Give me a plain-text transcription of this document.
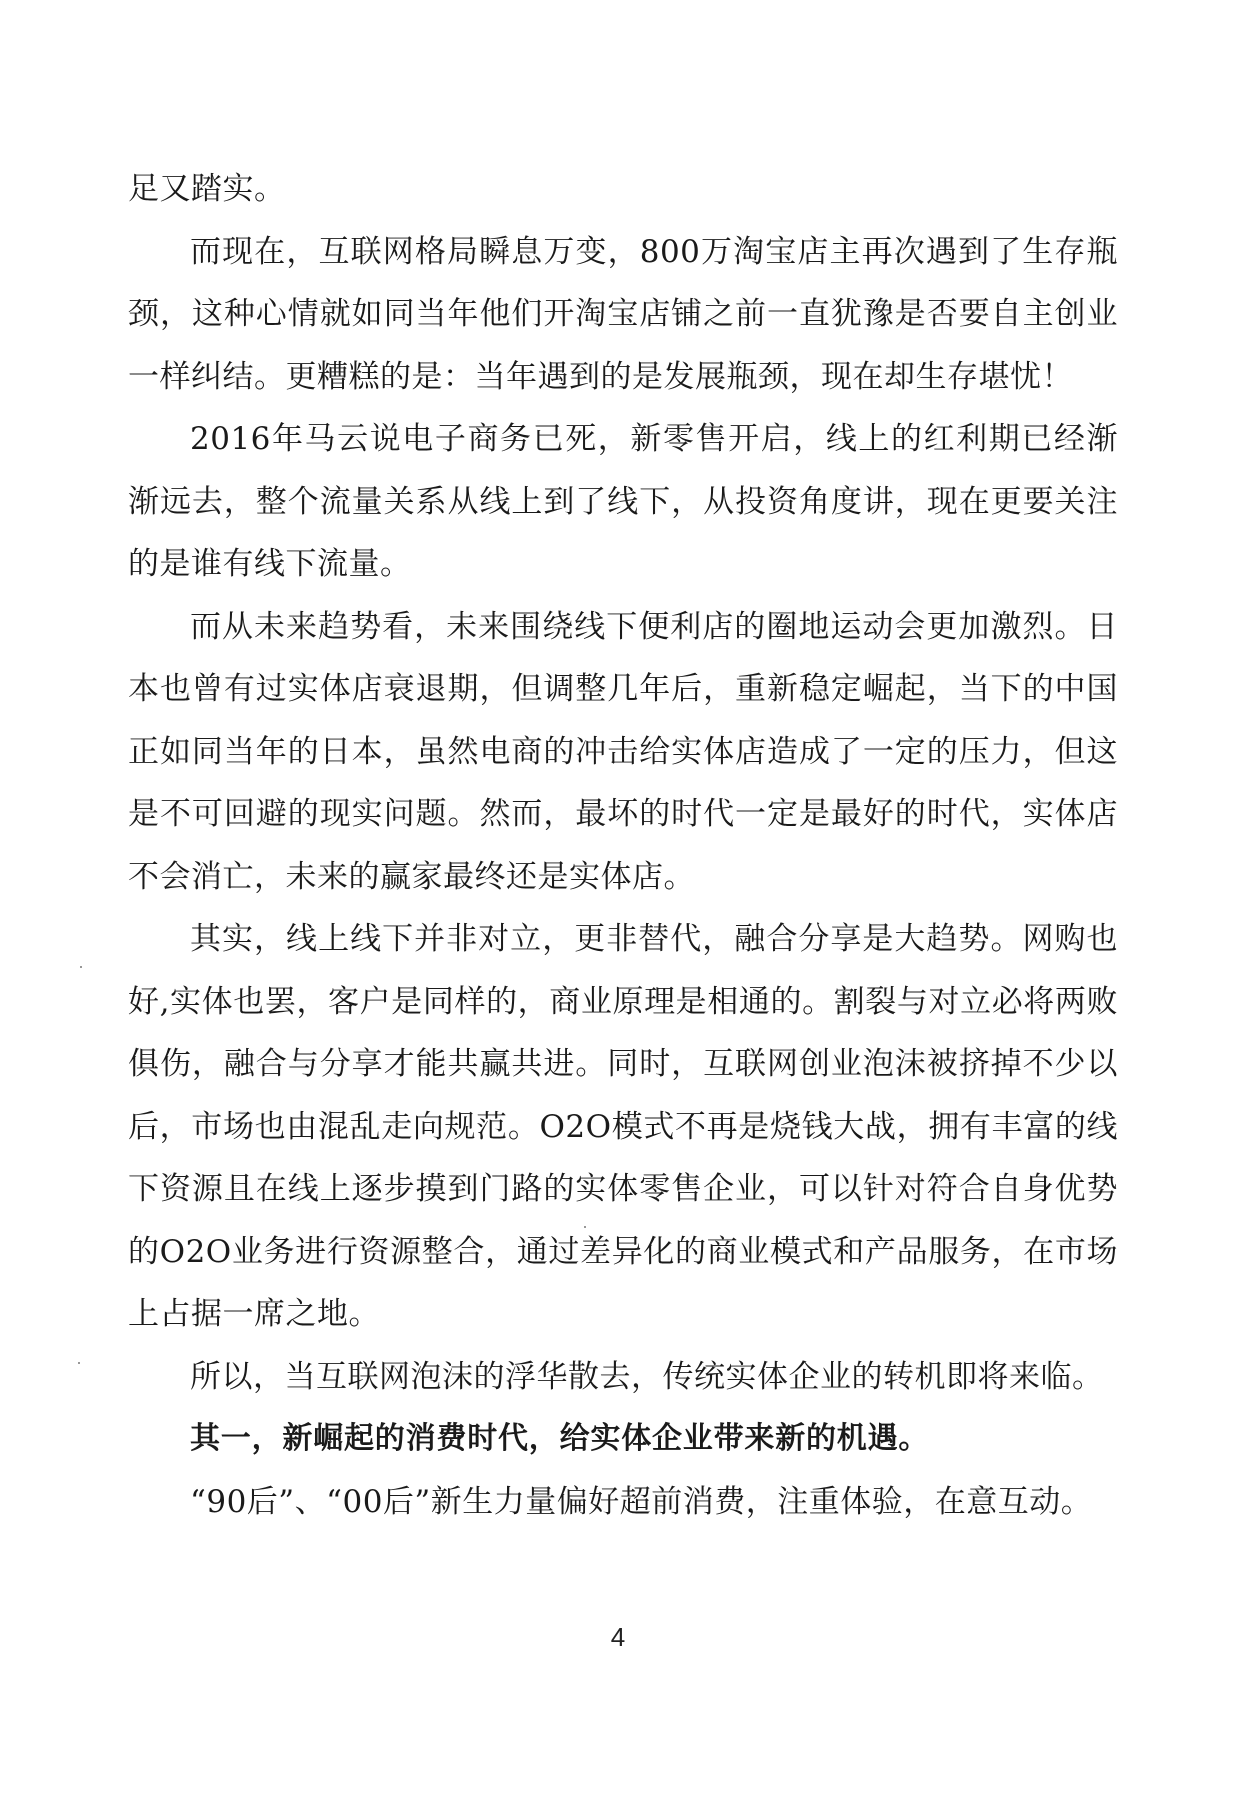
足又踏实。

而现在，互联网格局瞬息万变，800万淘宝店主再次遇到了生存瓶颈，这种心情就如同当年他们开淘宝店铺之前一直犹豫是否要自主创业一样纠结。更糟糕的是：当年遇到的是发展瓶颈，现在却生存堪忧！

2016年马云说电子商务已死，新零售开启，线上的红利期已经渐渐远去，整个流量关系从线上到了线下，从投资角度讲，现在更要关注的是谁有线下流量。

而从未来趋势看，未来围绕线下便利店的圈地运动会更加激烈。日本也曾有过实体店衰退期，但调整几年后，重新稳定崛起，当下的中国正如同当年的日本，虽然电商的冲击给实体店造成了一定的压力，但这是不可回避的现实问题。然而，最坏的时代一定是最好的时代，实体店不会消亡，未来的赢家最终还是实体店。

其实，线上线下并非对立，更非替代，融合分享是大趋势。网购也好,实体也罢，客户是同样的，商业原理是相通的。割裂与对立必将两败俱伤，融合与分享才能共赢共进。同时，互联网创业泡沫被挤掉不少以后，市场也由混乱走向规范。O2O模式不再是烧钱大战，拥有丰富的线下资源且在线上逐步摸到门路的实体零售企业，可以针对符合自身优势的O2O业务进行资源整合，通过差异化的商业模式和产品服务，在市场上占据一席之地。

所以，当互联网泡沫的浮华散去，传统实体企业的转机即将来临。

其一，新崛起的消费时代，给实体企业带来新的机遇。

“90后”、“00后”新生力量偏好超前消费，注重体验，在意互动。

4
